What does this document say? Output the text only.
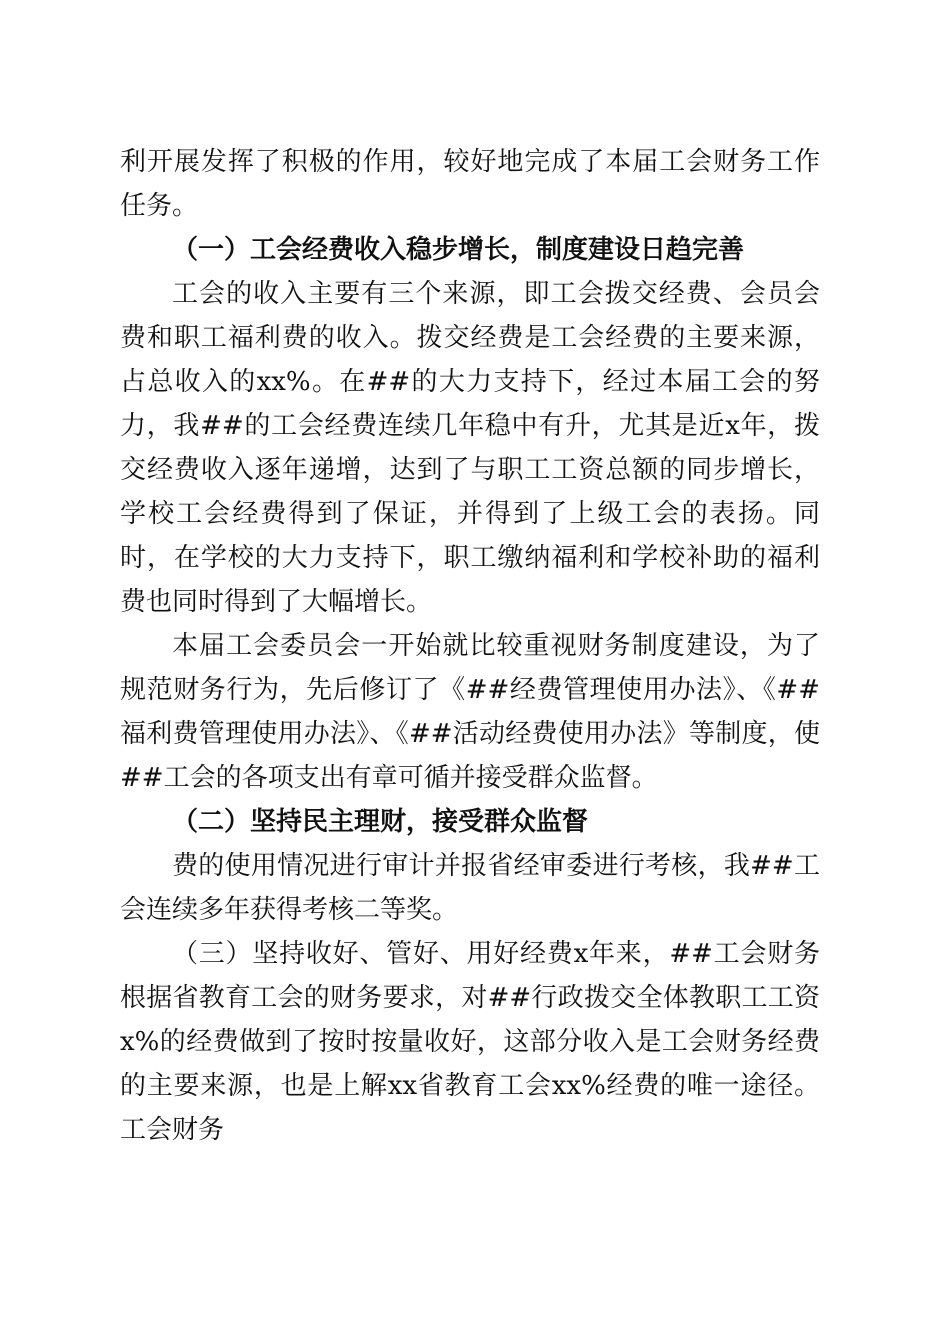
利开展发挥了积极的作用，较好地完成了本届工会财务工作任务。

（一）工会经费收入稳步增长，制度建设日趋完善

工会的收入主要有三个来源，即工会拨交经费、会员会费和职工福利费的收入。拨交经费是工会经费的主要来源，占总收入的xx%。在##的大力支持下，经过本届工会的努力，我##的工会经费连续几年稳中有升，尤其是近x年，拨交经费收入逐年递增，达到了与职工工资总额的同步增长，学校工会经费得到了保证，并得到了上级工会的表扬。同时，在学校的大力支持下，职工缴纳福利和学校补助的福利费也同时得到了大幅增长。

本届工会委员会一开始就比较重视财务制度建设，为了规范财务行为，先后修订了《##经费管理使用办法》、《##福利费管理使用办法》、《##活动经费使用办法》等制度，使##工会的各项支出有章可循并接受群众监督。

（二）坚持民主理财，接受群众监督

费的使用情况进行审计并报省经审委进行考核，我##工会连续多年获得考核二等奖。

（三）坚持收好、管好、用好经费x年来，##工会财务根据省教育工会的财务要求，对##行政拨交全体教职工工资x%的经费做到了按时按量收好，这部分收入是工会财务经费的主要来源，也是上解xx省教育工会xx%经费的唯一途径。工会财务
